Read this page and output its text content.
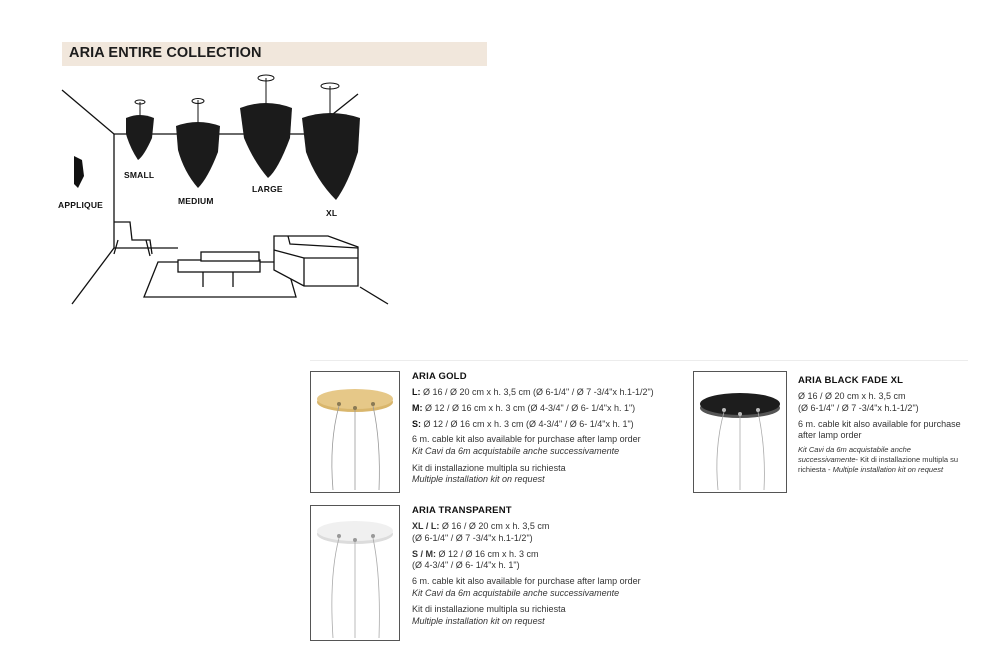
ARIA ENTIRE COLLECTION
APPLIQUE
SMALL
MEDIUM
LARGE
XL
ARIA GOLD
L: Ø 16 / Ø 20 cm x h. 3,5 cm (Ø 6-1/4" / Ø 7 -3/4"x h.1-1/2")
M: Ø 12 / Ø 16 cm x h. 3 cm (Ø 4-3/4" / Ø 6- 1/4"x h. 1")
S: Ø 12 / Ø 16 cm x h. 3 cm (Ø 4-3/4" / Ø 6- 1/4"x h. 1")
6 m. cable kit also available for purchase after lamp order
Kit Cavi da 6m acquistabile anche successivamente
Kit di installazione multipla su richiesta
Multiple installation kit on request
ARIA TRANSPARENT
XL / L: Ø 16 / Ø 20 cm x h. 3,5 cm
(Ø 6-1/4" / Ø 7 -3/4"x h.1-1/2")
S / M: Ø 12 / Ø 16 cm x h. 3 cm
(Ø 4-3/4" / Ø 6- 1/4"x h. 1")
6 m. cable kit also available for purchase after lamp order
Kit Cavi da 6m acquistabile anche successivamente
Kit di installazione multipla su richiesta
Multiple installation kit on request
ARIA BLACK FADE XL
Ø 16 / Ø 20 cm x h. 3,5 cm
(Ø 6-1/4" / Ø 7 -3/4"x h.1-1/2")
6 m. cable kit also available for purchase after lamp order
Kit Cavi da 6m acquistabile anche successivamente- Kit di installazione multipla su richiesta - Multiple installation kit on request
